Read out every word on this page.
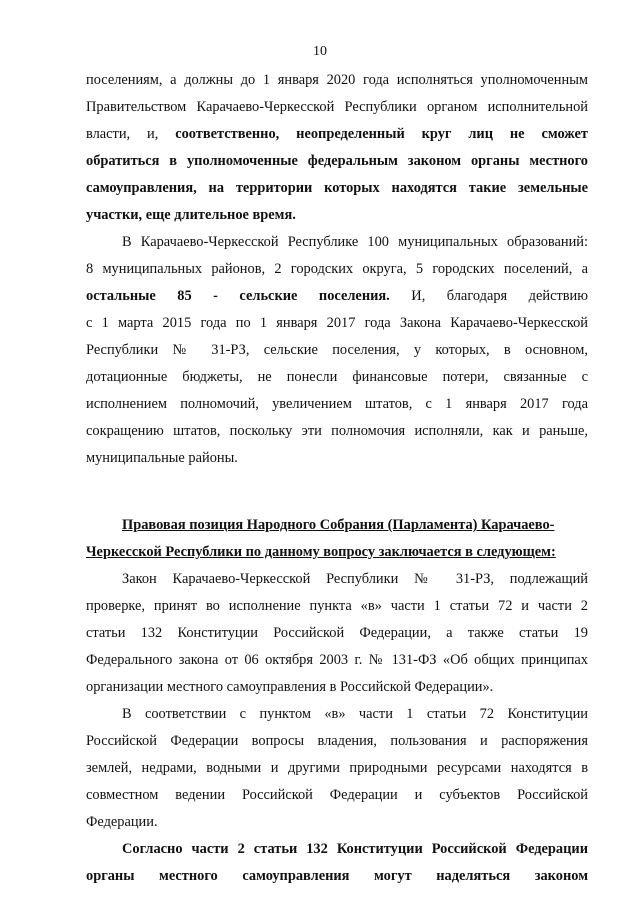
10
поселениям, а должны до 1 января 2020 года исполняться уполномоченным
Правительством Карачаево-Черкесской Республики органом исполнительной
власти, и, соответственно, неопределенный круг лиц не сможет
обратиться в уполномоченные федеральным законом органы местного
самоуправления, на территории которых находятся такие земельные
участки, еще длительное время.
В Карачаево-Черкесской Республике 100 муниципальных образований:
8 муниципальных районов, 2 городских округа, 5 городских поселений, а
остальные 85 - сельские поселения. И, благодаря действию
с 1 марта 2015 года по 1 января 2017 года Закона Карачаево-Черкесской
Республики № 31-РЗ, сельские поселения, у которых, в основном,
дотационные бюджеты, не понесли финансовые потери, связанные с
исполнением полномочий, увеличением штатов, с 1 января 2017 года
сокращению штатов, поскольку эти полномочия исполняли, как и раньше,
муниципальные районы.
Правовая позиция Народного Собрания (Парламента) Карачаево-
Черкесской Республики по данному вопросу заключается в следующем:
Закон Карачаево-Черкесской Республики № 31-РЗ, подлежащий
проверке, принят во исполнение пункта «в» части 1 статьи 72 и части 2
статьи 132 Конституции Российской Федерации, а также статьи 19
Федерального закона от 06 октября 2003 г. № 131-ФЗ «Об общих принципах
организации местного самоуправления в Российской Федерации».
В соответствии с пунктом «в» части 1 статьи 72 Конституции
Российской Федерации вопросы владения, пользования и распоряжения
землей, недрами, водными и другими природными ресурсами находятся в
совместном ведении Российской Федерации и субъектов Российской
Федерации.
Согласно части 2 статьи 132 Конституции Российской Федерации
органы местного самоуправления могут наделяться законом
